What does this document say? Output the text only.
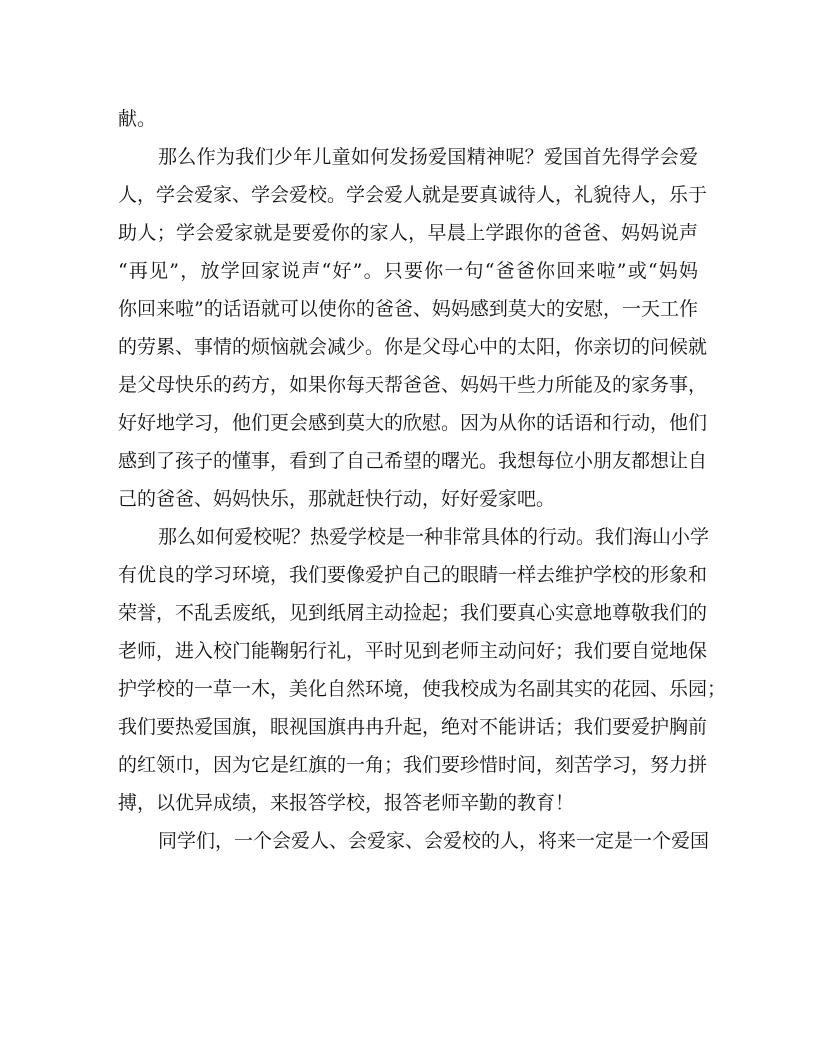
献。
那么作为我们少年儿童如何发扬爱国精神呢？爱国首先得学会爱
人，学会爱家、学会爱校。学会爱人就是要真诚待人，礼貌待人，乐于
助人；学会爱家就是要爱你的家人，早晨上学跟你的爸爸、妈妈说声
“再见”，放学回家说声“好”。只要你一句“爸爸你回来啦”或“妈妈
你回来啦”的话语就可以使你的爸爸、妈妈感到莫大的安慰，一天工作
的劳累、事情的烦恼就会减少。你是父母心中的太阳，你亲切的问候就
是父母快乐的药方，如果你每天帮爸爸、妈妈干些力所能及的家务事，
好好地学习，他们更会感到莫大的欣慰。因为从你的话语和行动，他们
感到了孩子的懂事，看到了自己希望的曙光。我想每位小朋友都想让自
己的爸爸、妈妈快乐，那就赶快行动，好好爱家吧。
那么如何爱校呢？热爱学校是一种非常具体的行动。我们海山小学
有优良的学习环境，我们要像爱护自己的眼睛一样去维护学校的形象和
荣誉，不乱丢废纸，见到纸屑主动捡起；我们要真心实意地尊敬我们的
老师，进入校门能鞠躬行礼，平时见到老师主动问好；我们要自觉地保
护学校的一草一木，美化自然环境，使我校成为名副其实的花园、乐园；
我们要热爱国旗，眼视国旗冉冉升起，绝对不能讲话；我们要爱护胸前
的红领巾，因为它是红旗的一角；我们要珍惜时间，刻苦学习，努力拼
搏，以优异成绩，来报答学校，报答老师辛勤的教育！
同学们，一个会爱人、会爱家、会爱校的人，将来一定是一个爱国
